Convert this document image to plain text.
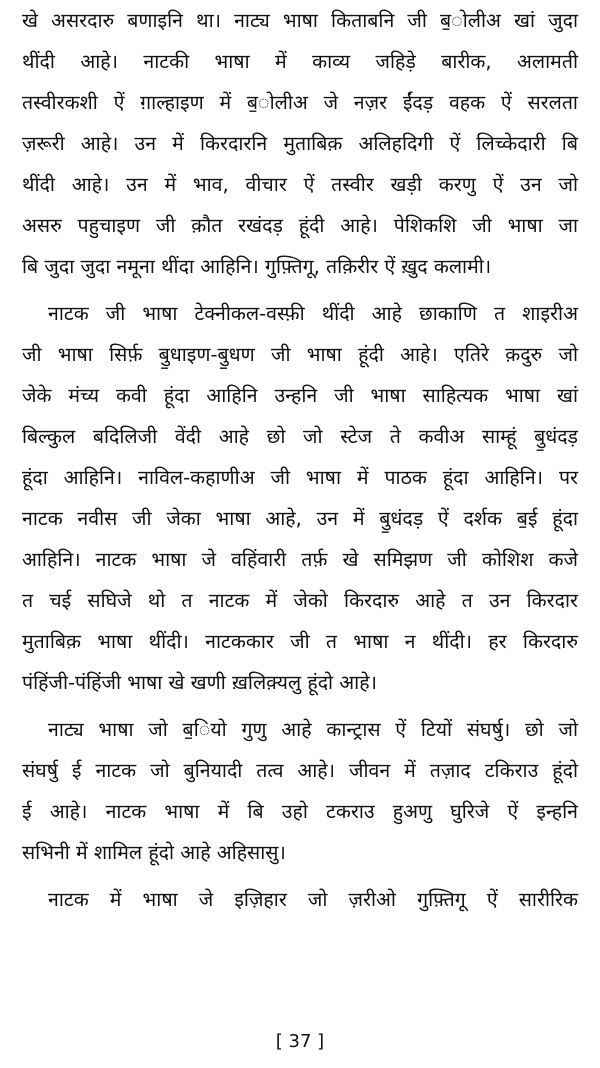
खे असरदारु बणाइनि था। नाट्य भाषा किताबनि जी ब॒ोलीअ खां जुदा
थींदी आहे। नाटकी भाषा में काव्य जहिड़े बारीक, अलामती
तस्वीरकशी ऐं ग़ाल्हाइण में ब॒ोलीअ जे नज़र ईंदड़ वहक ऐं सरलता
ज़रूरी आहे। उन में किरदारनि मुताबिक़ अलिहदिगी ऐं लिच्केदारी बि
थींदी आहे। उन में भाव, वीचार ऐं तस्वीर खड़ी करणु ऐं उन जो
असरु पहुचाइण जी क़ौत रखंदड़ हूंदी आहे। पेशिकशि जी भाषा जा
बि जुदा जुदा नमूना थींदा आहिनि। गुफ़्तिगू, तक़िरीर ऐं ख़ुद कलामी।
नाटक जी भाषा टेक्नीकल-वस्फ़ी थींदी आहे छाकाणि त शाइरीअ
जी भाषा सिर्फ़ बु॒धाइण-बु॒धण जी भाषा हूंदी आहे। एतिरे क़दुरु जो
जेके मंच्य कवी हूंदा आहिनि उन्हनि जी भाषा साहित्यक भाषा खां
बिल्कुल बदिलिजी वेंदी आहे छो जो स्टेज ते कवीअ साम्हूं बु॒धंदड़
हूंदा आहिनि। नाविल-कहाणीअ जी भाषा में पाठक हूंदा आहिनि। पर
नाटक नवीस जी जेका भाषा आहे, उन में बु॒धंदड़ ऐं दर्शक ब॒ई हूंदा
आहिनि। नाटक भाषा जे वहिंवारी तर्फ़ खे समिझण जी कोशिश कजे
त चई सघिजे थो त नाटक में जेको किरदारु आहे त उन किरदार
मुताबिक़ भाषा थींदी। नाटककार जी त भाषा न थींदी। हर किरदारु
पंहिंजी-पंहिंजी भाषा खे खणी ख़लिक़्यलु हूंदो आहे।
नाट्य भाषा जो ब॒ियो गुणु आहे कान्ट्रास ऐं टियों संघर्षु। छो जो
संघर्षु ई नाटक जो बुनियादी तत्व आहे। जीवन में तज़ाद टकिराउ हूंदो
ई आहे। नाटक भाषा में बि उहो टकराउ हुअणु घुरिजे ऐं इन्हनि
सभिनी में शामिल हूंदो आहे अहिसासु।
नाटक में भाषा जे इज़िहार जो ज़रीओ गुफ़्तिगू ऐं सारीरिक
[ 37 ]
